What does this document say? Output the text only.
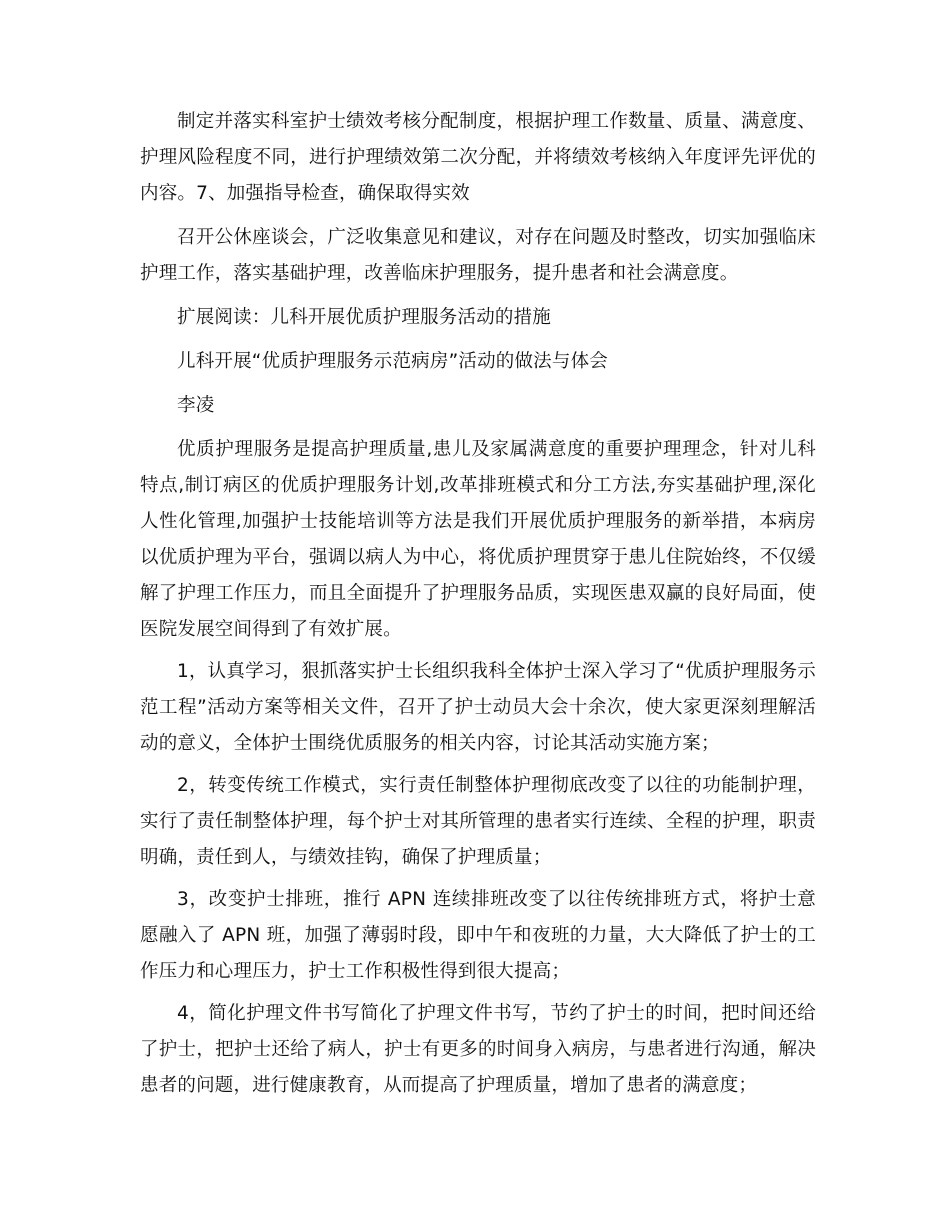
制定并落实科室护士绩效考核分配制度，根据护理工作数量、质量、满意度、护理风险程度不同，进行护理绩效第二次分配，并将绩效考核纳入年度评先评优的内容。7、加强指导检查，确保取得实效

召开公休座谈会，广泛收集意见和建议，对存在问题及时整改，切实加强临床护理工作，落实基础护理，改善临床护理服务，提升患者和社会满意度。

扩展阅读：儿科开展优质护理服务活动的措施

儿科开展“优质护理服务示范病房”活动的做法与体会

李凌

优质护理服务是提高护理质量,患儿及家属满意度的重要护理理念，针对儿科特点,制订病区的优质护理服务计划,改革排班模式和分工方法,夯实基础护理,深化人性化管理,加强护士技能培训等方法是我们开展优质护理服务的新举措，本病房以优质护理为平台，强调以病人为中心，将优质护理贯穿于患儿住院始终，不仅缓解了护理工作压力，而且全面提升了护理服务品质，实现医患双赢的良好局面，使医院发展空间得到了有效扩展。

1，认真学习，狠抓落实护士长组织我科全体护士深入学习了“优质护理服务示范工程”活动方案等相关文件，召开了护士动员大会十余次，使大家更深刻理解活动的意义，全体护士围绕优质服务的相关内容，讨论其活动实施方案；

2，转变传统工作模式，实行责任制整体护理彻底改变了以往的功能制护理，实行了责任制整体护理，每个护士对其所管理的患者实行连续、全程的护理，职责明确，责任到人，与绩效挂钩，确保了护理质量；

3，改变护士排班，推行 APN 连续排班改变了以往传统排班方式，将护士意愿融入了 APN 班，加强了薄弱时段，即中午和夜班的力量，大大降低了护士的工作压力和心理压力，护士工作积极性得到很大提高；

4，简化护理文件书写简化了护理文件书写，节约了护士的时间，把时间还给了护士，把护士还给了病人，护士有更多的时间身入病房，与患者进行沟通，解决患者的问题，进行健康教育，从而提高了护理质量，增加了患者的满意度；
